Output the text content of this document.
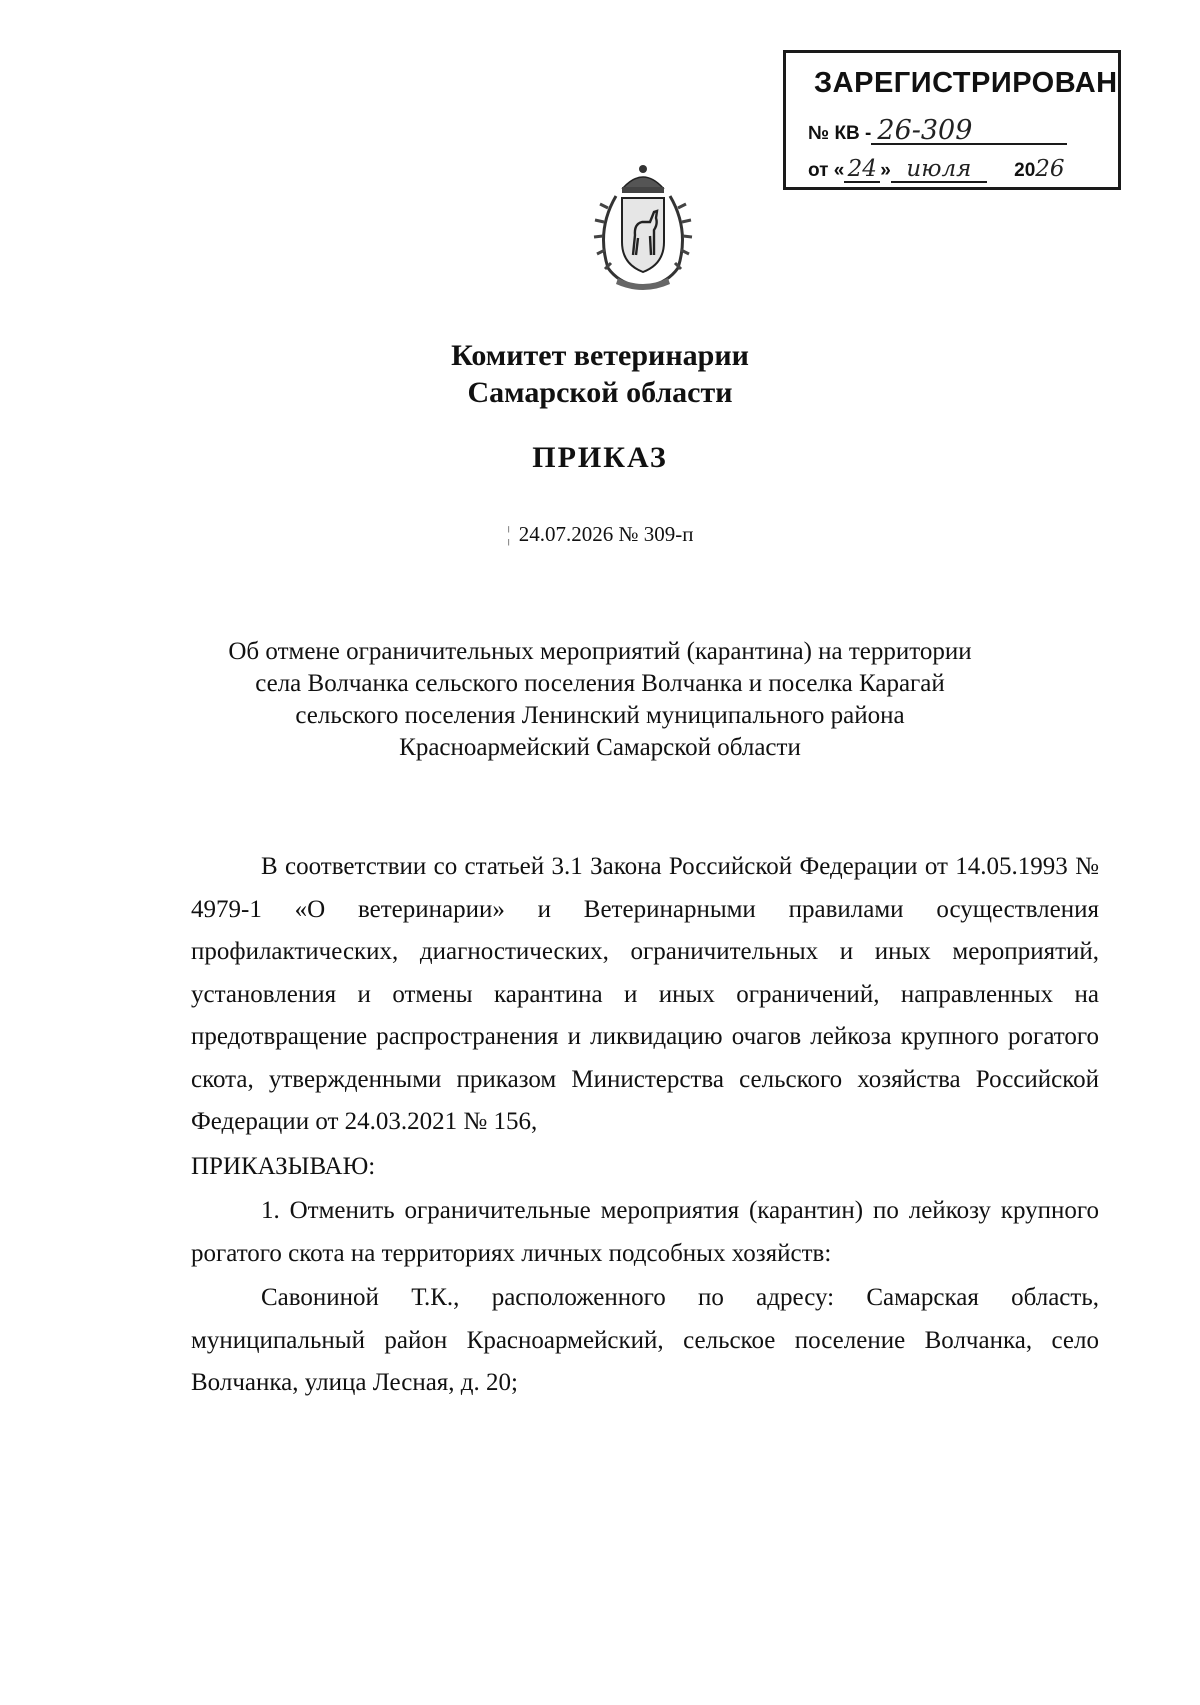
ЗАРЕГИСТРИРОВАН
№ КВ - 26-309
от « 24 » июля 2026
Комитет ветеринарии
Самарской области
ПРИКАЗ
¦ 24.07.2026 № 309-п
Об отмене ограничительных мероприятий (карантина) на территории
села Волчанка сельского поселения Волчанка и поселка Карагай
сельского поселения Ленинский муниципального района
Красноармейский Самарской области

В соответствии со статьей 3.1 Закона Российской Федерации от 14.05.1993 № 4979-1 «О ветеринарии» и Ветеринарными правилами осуществления профилактических, диагностических, ограничительных и иных мероприятий, установления и отмены карантина и иных ограничений, направленных на предотвращение распространения и ликвидацию очагов лейкоза крупного рогатого скота, утвержденными приказом Министерства сельского хозяйства Российской Федерации от 24.03.2021 № 156,

ПРИКАЗЫВАЮ:

1. Отменить ограничительные мероприятия (карантин) по лейкозу крупного рогатого скота на территориях личных подсобных хозяйств:

Савониной Т.К., расположенного по адресу: Самарская область, муниципальный район Красноармейский, сельское поселение Волчанка, село Волчанка, улица Лесная, д. 20;
